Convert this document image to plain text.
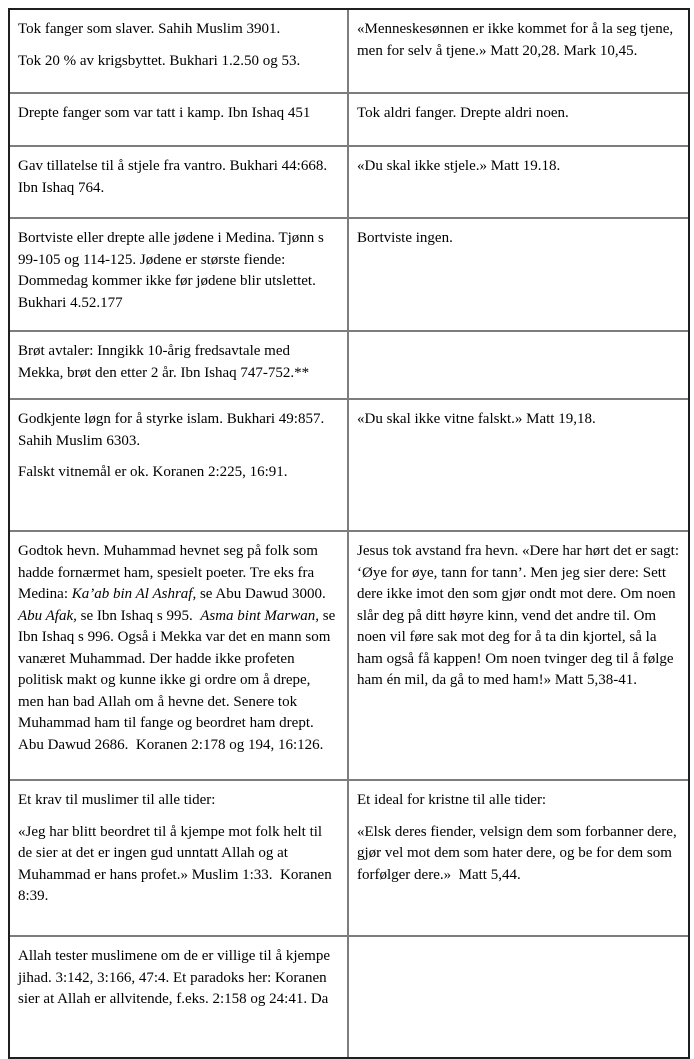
Tok fanger som slaver. Sahih Muslim 3901.

Tok 20 % av krigsbyttet. Bukhari 1.2.50 og 53.

«Menneskesønnen er ikke kommet for å la seg tjene, men for selv å tjene.» Matt 20,28. Mark 10,45.

Drepte fanger som var tatt i kamp. Ibn Ishaq 451	Tok aldri fanger. Drepte aldri noen.

Gav tillatelse til å stjele fra vantro. Bukhari 44:668. Ibn Ishaq 764.

«Du skal ikke stjele.» Matt 19.18.

Bortviste eller drepte alle jødene i Medina. Tjønn s 99-105 og 114-125. Jødene er største fiende: Dommedag kommer ikke før jødene blir utslettet. Bukhari 4.52.177

Bortviste ingen.

Brøt avtaler: Inngikk 10-årig fredsavtale med Mekka, brøt den etter 2 år. Ibn Ishaq 747-752.**

Godkjente løgn for å styrke islam. Bukhari 49:857. Sahih Muslim 6303.

Falskt vitnemål er ok. Koranen 2:225, 16:91.

«Du skal ikke vitne falskt.» Matt 19,18.

Godtok hevn. Muhammad hevnet seg på folk som hadde fornærmet ham, spesielt poeter. Tre eks fra Medina: Ka’ab bin Al Ashraf, se Abu Dawud 3000. Abu Afak, se Ibn Ishaq s 995.  Asma bint Marwan, se Ibn Ishaq s 996. Også i Mekka var det en mann som vanæret Muhammad. Der hadde ikke profeten politisk makt og kunne ikke gi ordre om å drepe, men han bad Allah om å hevne det. Senere tok Muhammad ham til fange og beordret ham drept. Abu Dawud 2686.  Koranen 2:178 og 194, 16:126.

Jesus tok avstand fra hevn. «Dere har hørt det er sagt: ‘Øye for øye, tann for tann’. Men jeg sier dere: Sett dere ikke imot den som gjør ondt mot dere. Om noen slår deg på ditt høyre kinn, vend det andre til. Om noen vil føre sak mot deg for å ta din kjortel, så la ham også få kappen! Om noen tvinger deg til å følge ham én mil, da gå to med ham!» Matt 5,38-41.

Et krav til muslimer til alle tider:

«Jeg har blitt beordret til å kjempe mot folk helt til de sier at det er ingen gud unntatt Allah og at Muhammad er hans profet.» Muslim 1:33.  Koranen 8:39.

Et ideal for kristne til alle tider:

«Elsk deres fiender, velsign dem som forbanner dere, gjør vel mot dem som hater dere, og be for dem som forfølger dere.»  Matt 5,44.

Allah tester muslimene om de er villige til å kjempe jihad. 3:142, 3:166, 47:4. Et paradoks her: Koranen sier at Allah er allvitende, f.eks. 2:158 og 24:41. Da
